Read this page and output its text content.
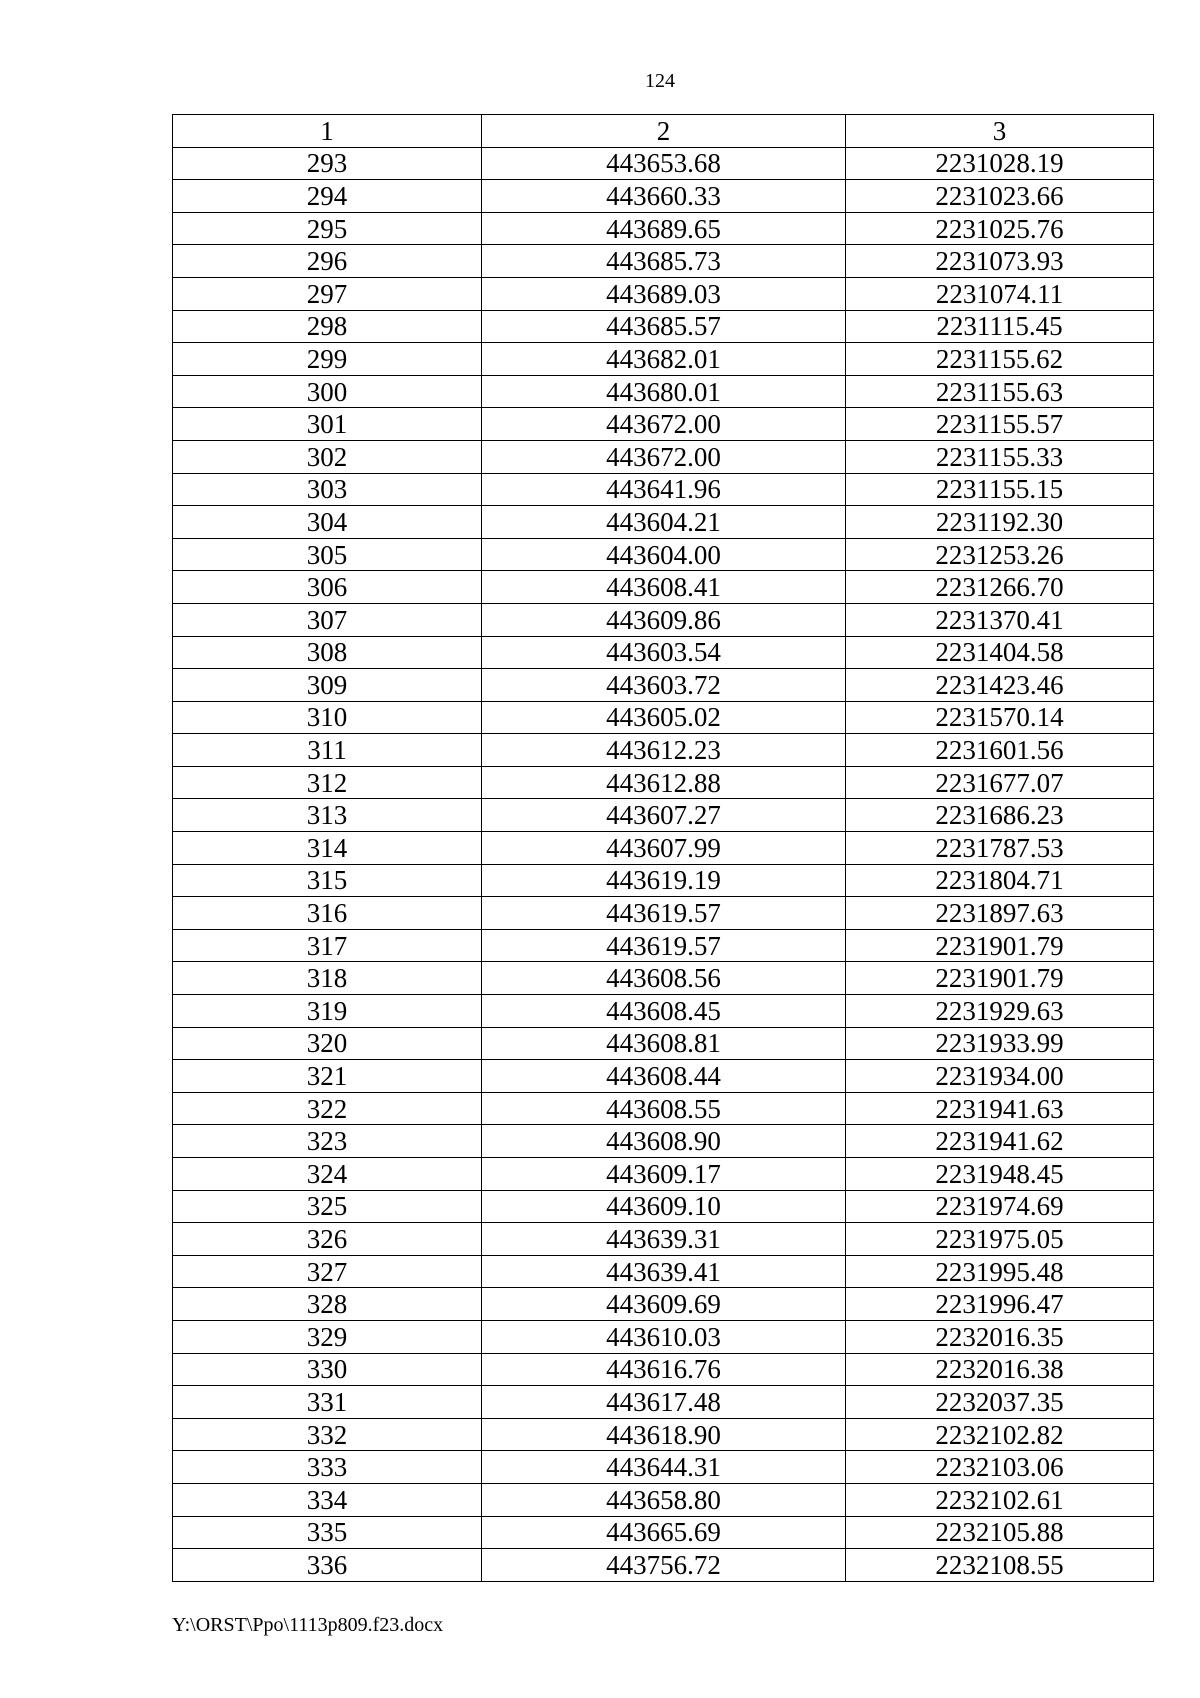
124
1	2	3
293	443653.68	2231028.19
294	443660.33	2231023.66
295	443689.65	2231025.76
296	443685.73	2231073.93
297	443689.03	2231074.11
298	443685.57	2231115.45
299	443682.01	2231155.62
300	443680.01	2231155.63
301	443672.00	2231155.57
302	443672.00	2231155.33
303	443641.96	2231155.15
304	443604.21	2231192.30
305	443604.00	2231253.26
306	443608.41	2231266.70
307	443609.86	2231370.41
308	443603.54	2231404.58
309	443603.72	2231423.46
310	443605.02	2231570.14
311	443612.23	2231601.56
312	443612.88	2231677.07
313	443607.27	2231686.23
314	443607.99	2231787.53
315	443619.19	2231804.71
316	443619.57	2231897.63
317	443619.57	2231901.79
318	443608.56	2231901.79
319	443608.45	2231929.63
320	443608.81	2231933.99
321	443608.44	2231934.00
322	443608.55	2231941.63
323	443608.90	2231941.62
324	443609.17	2231948.45
325	443609.10	2231974.69
326	443639.31	2231975.05
327	443639.41	2231995.48
328	443609.69	2231996.47
329	443610.03	2232016.35
330	443616.76	2232016.38
331	443617.48	2232037.35
332	443618.90	2232102.82
333	443644.31	2232103.06
334	443658.80	2232102.61
335	443665.69	2232105.88
336	443756.72	2232108.55
Y:\ORST\Ppo\1113p809.f23.docx
